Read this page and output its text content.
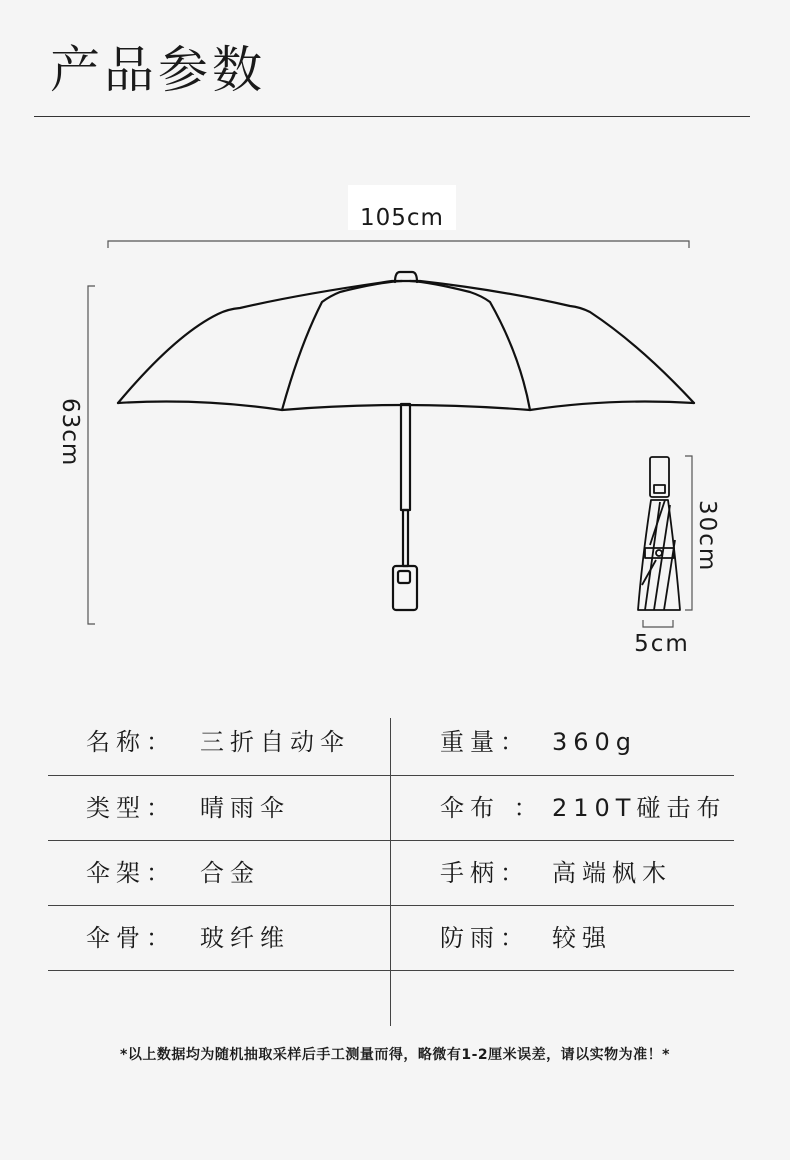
产品参数
105cm
63cm
30cm
5cm
名称： 三折自动伞	重量： 360g
类型： 晴雨伞	伞布 ： 210T碰击布
伞架： 合金	手柄： 高端枫木
伞骨： 玻纤维	防雨： 较强
*以上数据均为随机抽取采样后手工测量而得，略微有1-2厘米误差，请以实物为准！*
